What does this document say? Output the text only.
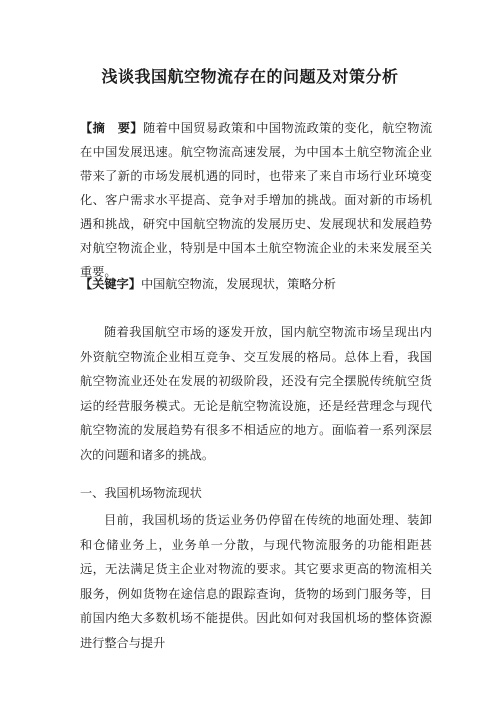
浅谈我国航空物流存在的问题及对策分析

【摘　要】随着中国贸易政策和中国物流政策的变化，航空物流在中国发展迅速。航空物流高速发展，为中国本土航空物流企业带来了新的市场发展机遇的同时，也带来了来自市场行业环境变化、客户需求水平提高、竞争对手增加的挑战。面对新的市场机遇和挑战，研究中国航空物流的发展历史、发展现状和发展趋势对航空物流企业，特别是中国本土航空物流企业的未来发展至关重要。

【关键字】中国航空物流，发展现状，策略分析

随着我国航空市场的逐发开放，国内航空物流市场呈现出内外资航空物流企业相互竞争、交互发展的格局。总体上看，我国航空物流业还处在发展的初级阶段，还没有完全摆脱传统航空货运的经营服务模式。无论是航空物流设施，还是经营理念与现代航空物流的发展趋势有很多不相适应的地方。面临着一系列深层次的问题和诸多的挑战。

一、我国机场物流现状

目前，我国机场的货运业务仍停留在传统的地面处理、装卸和仓储业务上，业务单一分散，与现代物流服务的功能相距甚远，无法满足货主企业对物流的要求。其它要求更高的物流相关服务，例如货物在途信息的跟踪查询，货物的场到门服务等，目前国内绝大多数机场不能提供。因此如何对我国机场的整体资源进行整合与提升
